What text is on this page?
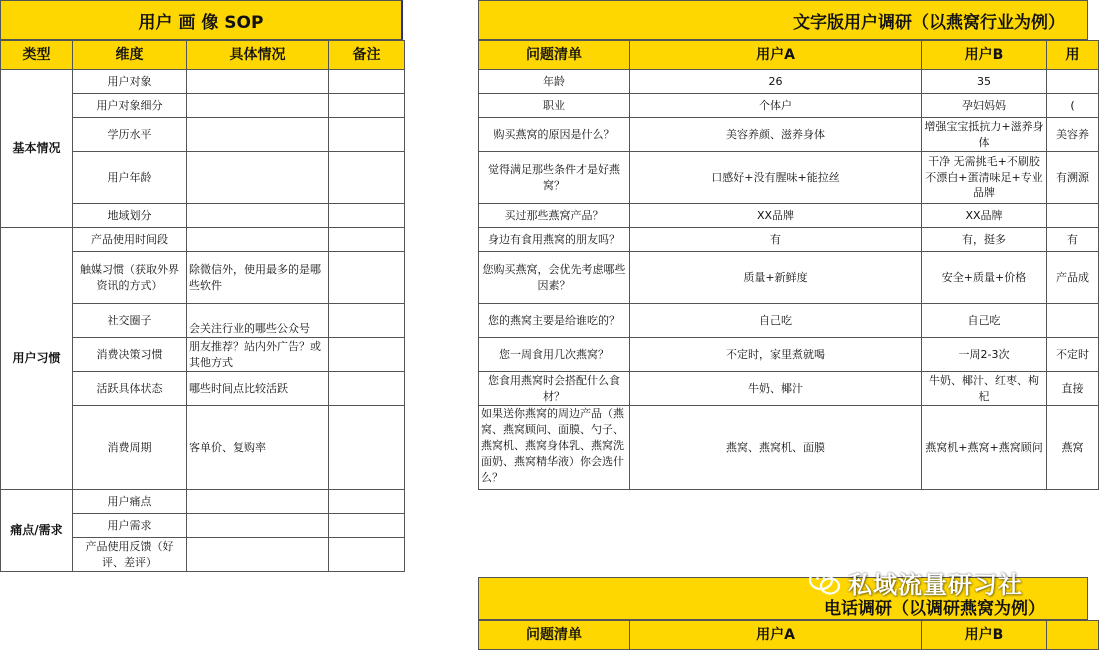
用户 画 像 SOP
类型	维度	具体情况	备注
基本情况	用户对象		
	用户对象细分		
	学历水平		
	用户年龄		
	地域划分		
用户习惯	产品使用时间段		
	触媒习惯（获取外界资讯的方式）	除微信外，使用最多的是哪些软件	
	社交圈子	会关注行业的哪些公众号	
	消费决策习惯	朋友推荐？站内外广告？或其他方式	
	活跃具体状态	哪些时间点比较活跃	
	消费周期	客单价、复购率	
痛点/需求	用户痛点		
	用户需求		
	产品使用反馈（好评、差评）		
文字版用户调研（以燕窝行业为例）
问题清单	用户A	用户B	用
年龄	26	35	
职业	个体户	孕妇妈妈	(
购买燕窝的原因是什么？	美容养颜、滋养身体	增强宝宝抵抗力+滋养身体	美容养
觉得满足那些条件才是好燕窝？	口感好+没有腥味+能拉丝	干净 无需挑毛+不刷胶不漂白+蛋清味足+专业品牌	有溯源
买过那些燕窝产品？	XX品牌	XX品牌	
身边有食用燕窝的朋友吗？	有	有，挺多	有
您购买燕窝，会优先考虑哪些因素？	质量+新鲜度	安全+质量+价格	产品成
您的燕窝主要是给谁吃的？	自己吃	自己吃	
您一周食用几次燕窝？	不定时，家里煮就喝	一周2-3次	不定时
您食用燕窝时会搭配什么食材？	牛奶、椰汁	牛奶、椰汁、红枣、枸杞	直接
如果送你燕窝的周边产品（燕窝、燕窝顾问、面膜、勺子、燕窝机、燕窝身体乳、燕窝洗面奶、燕窝精华液）你会选什么？	燕窝、燕窝机、面膜	燕窝机+燕窝+燕窝顾问	燕窝
电话调研（以调研燕窝为例）
问题清单	用户A	用户B	
私域流量研习社
